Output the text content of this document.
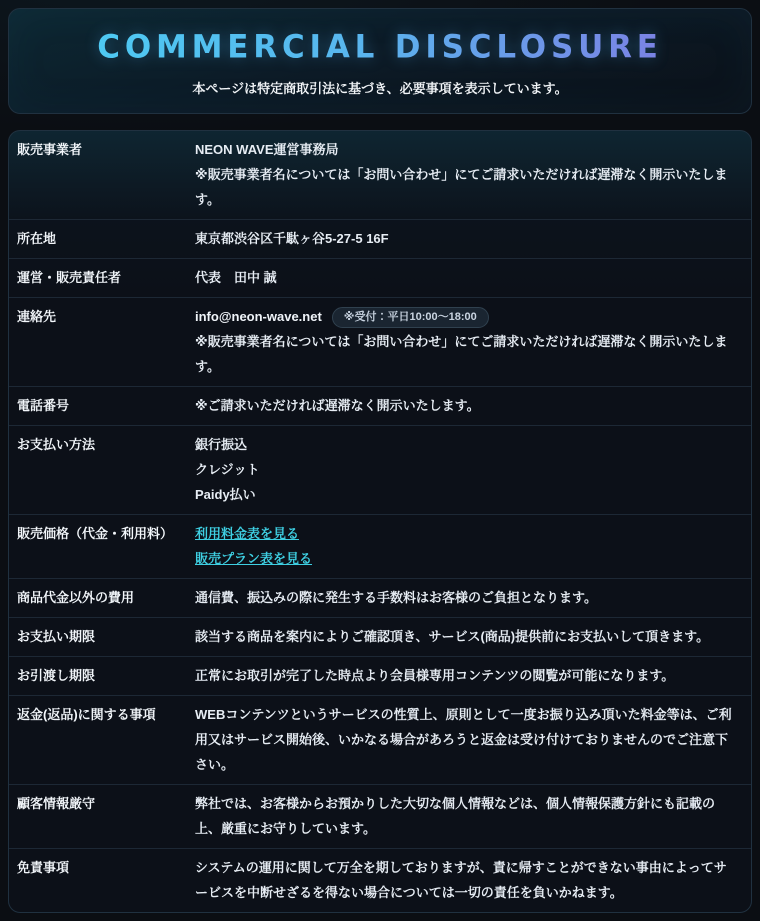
COMMERCIAL DISCLOSURE

本ページは特定商取引法に基づき、必要事項を表示しています。

販売事業者	NEON WAVE運営事務局
※販売事業者名については「お問い合わせ」にてご請求いただければ遅滞なく開示いたします。
所在地	東京都渋谷区千駄ヶ谷5-27-5 16F
運営・販売責任者	代表　田中 誠
連絡先	info@neon-wave.net ※受付：平日10:00～18:00
※販売事業者名については「お問い合わせ」にてご請求いただければ遅滞なく開示いたします。
電話番号	※ご請求いただければ遅滞なく開示いたします。
お支払い方法	銀行振込
クレジット
Paidy払い
販売価格（代金・利用料）	利用料金表を見る
販売プラン表を見る
商品代金以外の費用	通信費、振込みの際に発生する手数料はお客様のご負担となります。
お支払い期限	該当する商品を案内によりご確認頂き、サービス(商品)提供前にお支払いして頂きます。
お引渡し期限	正常にお取引が完了した時点より会員様専用コンテンツの閲覧が可能になります。
返金(返品)に関する事項	WEBコンテンツというサービスの性質上、原則として一度お振り込み頂いた料金等は、ご利用又はサービス開始後、いかなる場合があろうと返金は受け付けておりませんのでご注意下さい。
顧客情報厳守	弊社では、お客様からお預かりした大切な個人情報などは、個人情報保護方針にも記載の上、厳重にお守りしています。
免責事項	システムの運用に関して万全を期しておりますが、責に帰すことができない事由によってサービスを中断せざるを得ない場合については一切の責任を負いかねます。
